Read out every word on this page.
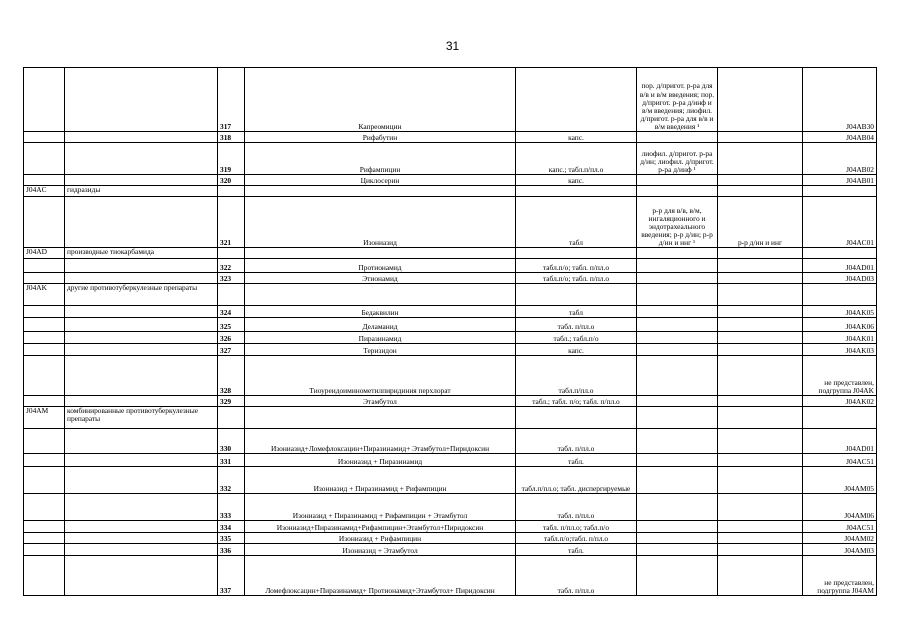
31
		317	Капреомицин		пор. д/пригот. р-ра для в/в и в/м введения; пор. д/пригот. р-ра д/инф и в/м введения; лиофил. д/пригот. р-ра для в/в и в/м введения ¹		J04AB30
		318	Рифабутин	капс.			J04AB04
		319	Рифампицин	капс.; табл.п/пл.о	лиофил. д/пригот. р-ра д/ин; лиофил. д/пригот. р-ра д/инф ¹		J04AB02
		320	Циклосерин	капс.			J04AB01
J04AC	гидразиды						
		321	Изониазид	табл	р-р для в/в, в/м, ингаляционного и эндотрахеального введения; р-р д/ин; р-р д/ин и инг ¹	р-р д/ин и инг	J04AC01
J04AD	производные тиокарбамида						
		322	Протионамид	табл.п/о; табл. п/пл.о			J04AD01
		323	Этионамид	табл.п/о; табл. п/пл.о			J04AD03
J04AK	другие противотуберкулезные препараты						
		324	Бедаквилин	табл			J04AK05
		325	Деламанид	табл. п/пл.о			J04AK06
		326	Пиразинамид	табл.; табл.п/о			J04AK01
		327	Теризидон	капс.			J04AK03
		328	Тиоуреидоиминометилпиридиния перхлорат	табл.п/пл.о			не представлен, подгруппа J04AK
		329	Этамбутол	табл.; табл. п/о; табл. п/пл.о			J04AK02
J04AM	комбинированные противотуберкулезные препараты						
		330	Изониазид+Ломефлоксацин+Пиразинамид+ Этамбутол+Пиридоксин	табл. п/пл.о			J04AD01
		331	Изониазид + Пиразинамид	табл.			J04AC51
		332	Изониазид + Пиразинамид + Рифампицин	табл.п/пл.о; табл. диспергируемые			J04AM05
		333	Изониазид + Пиразинамид + Рифампицин + Этамбутол	табл. п/пл.о			J04AM06
		334	Изониазид+Пиразинамид+Рифампицин+Этамбутол+Пиридоксин	табл. п/пл.о; табл.п/о			J04AC51
		335	Изониазид + Рифампицин	табл.п/о;табл. п/пл.о			J04AM02
		336	Изониазид + Этамбутол	табл.			J04AM03
		337	Ломефлоксацин+Пиразинамид+ Протионамид+Этамбутол+ Пиридоксин	табл. п/пл.о			не представлен, подгруппа J04AM
